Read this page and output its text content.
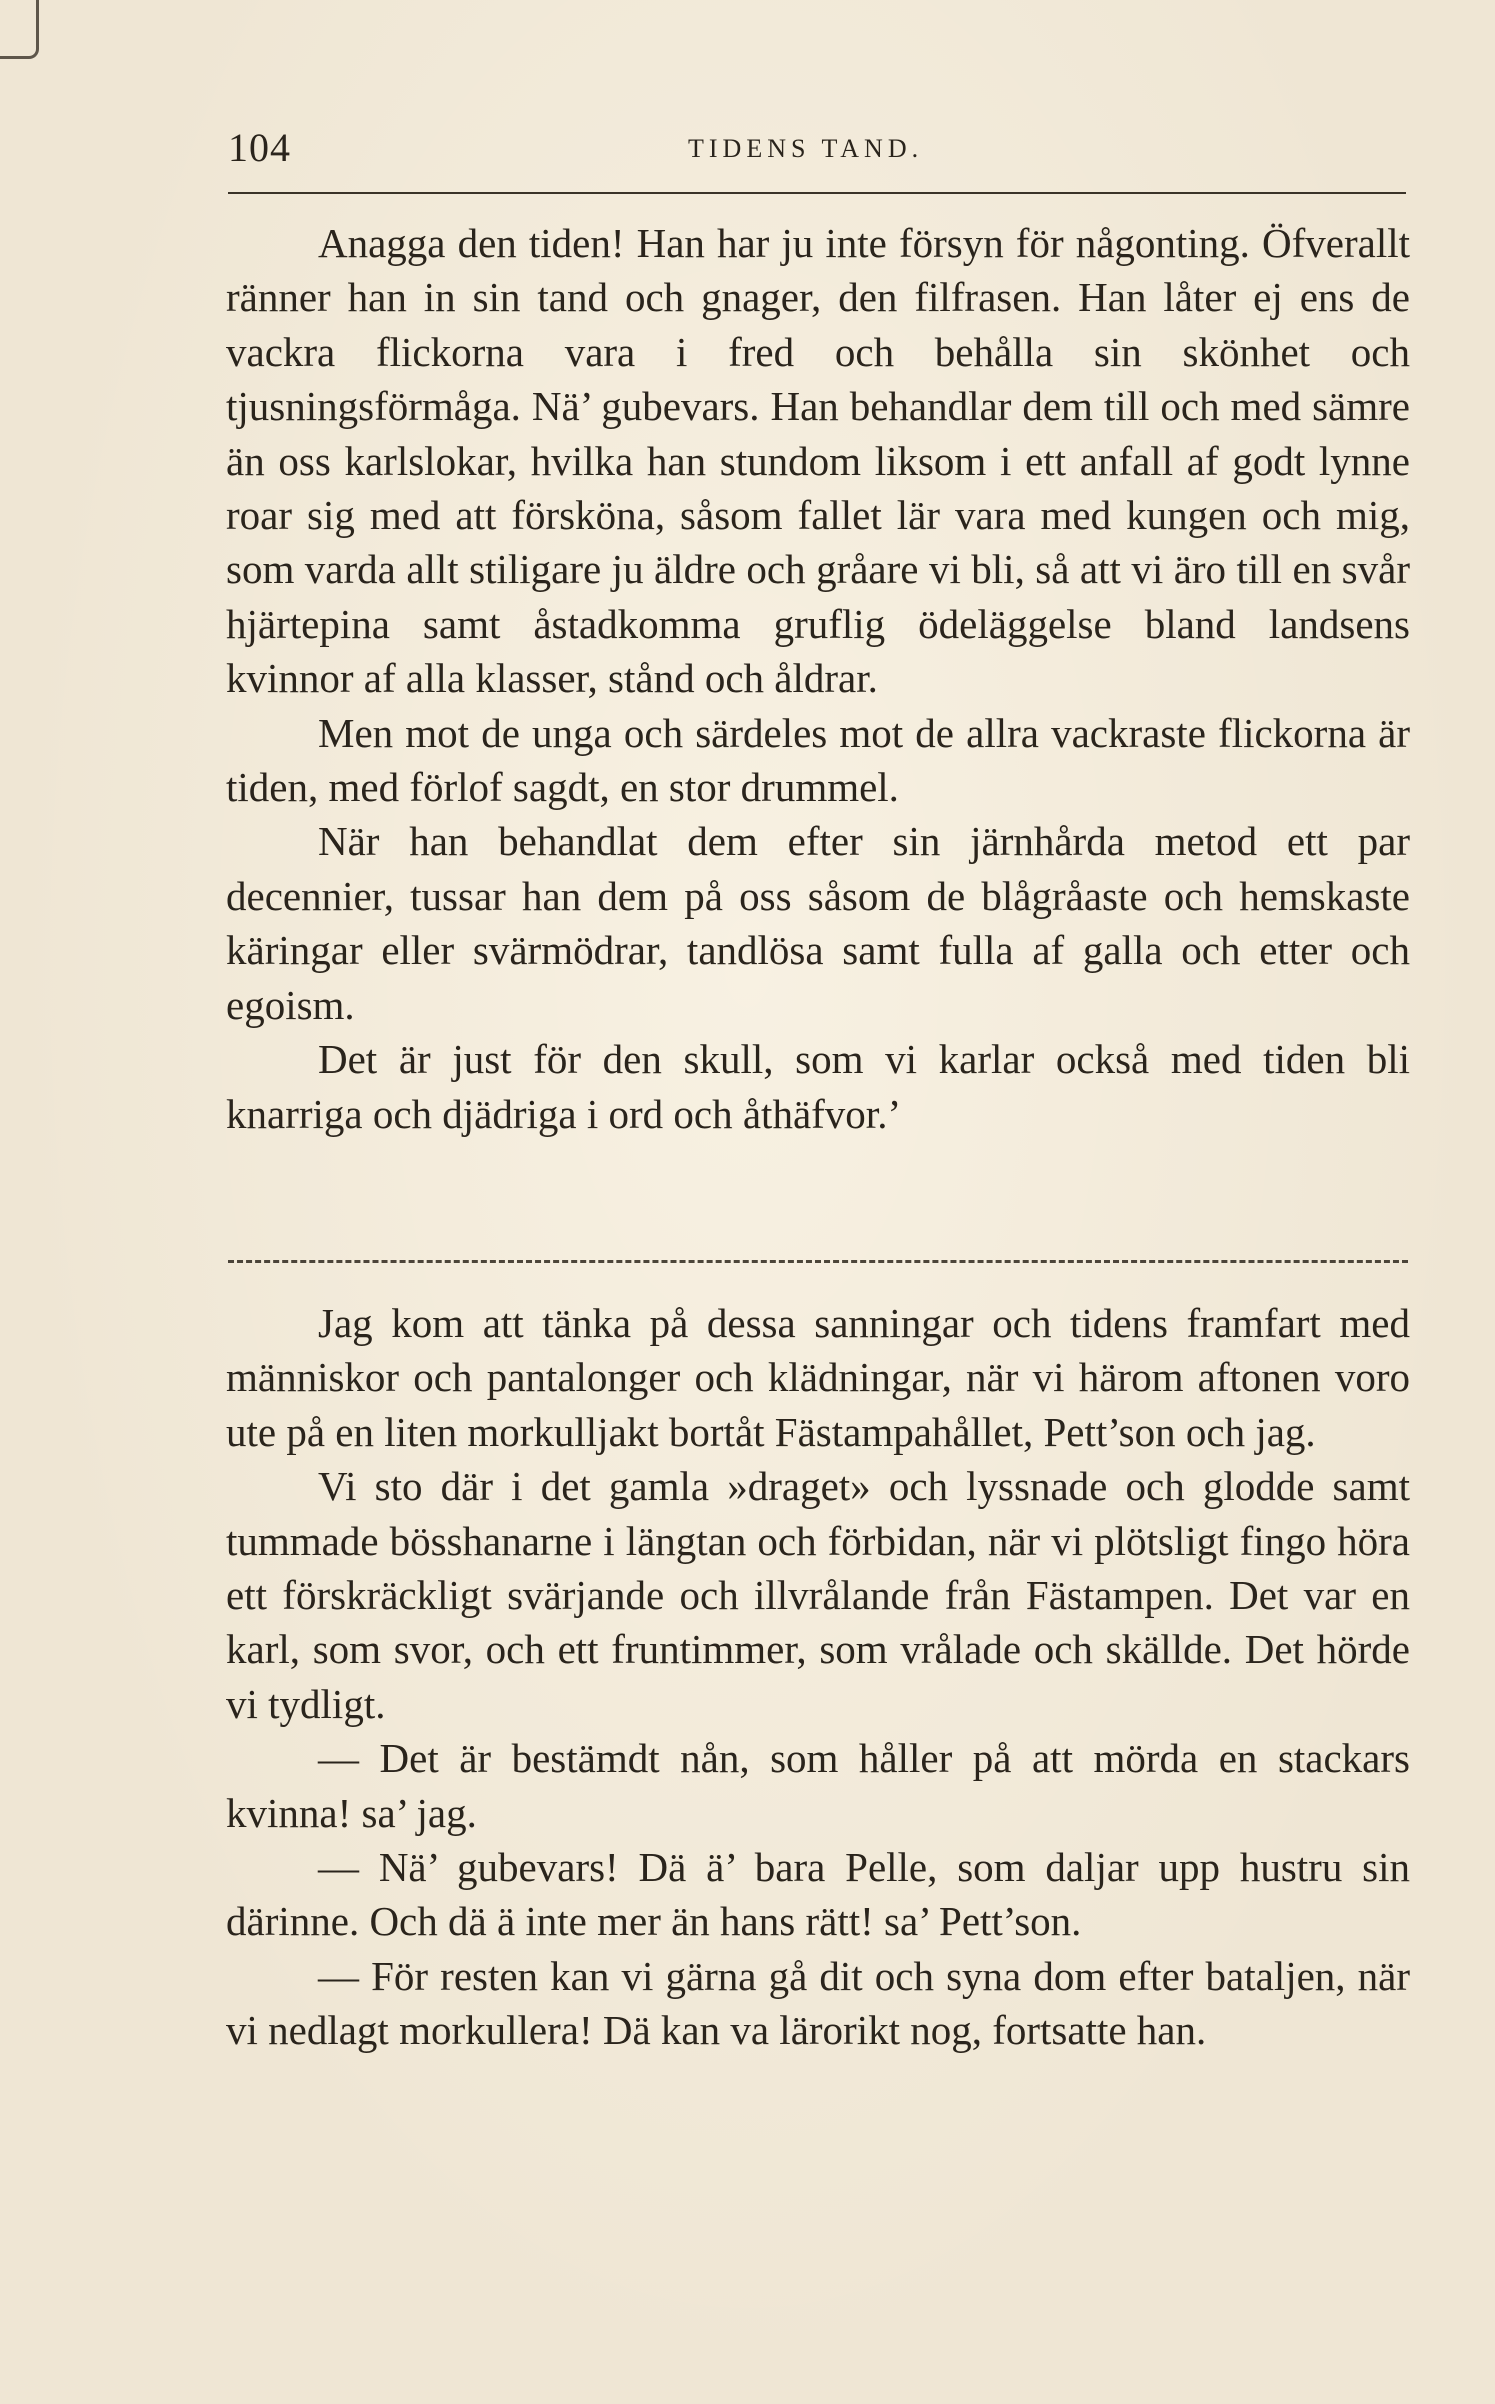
104	TIDENS TAND.

Anagga den tiden! Han har ju inte försyn för någonting. Öfverallt ränner han in sin tand och gnager, den filfrasen. Han låter ej ens de vackra flickorna vara i fred och behålla sin skönhet och tjusningsförmåga. Nä’ gubevars. Han behandlar dem till och med sämre än oss karlslokar, hvilka han stundom liksom i ett anfall af godt lynne roar sig med att försköna, såsom fallet lär vara med kungen och mig, som varda allt stiligare ju äldre och gråare vi bli, så att vi äro till en svår hjärtepina samt åstadkomma gruflig ödeläggelse bland landsens kvinnor af alla klasser, stånd och åldrar.

Men mot de unga och särdeles mot de allra vackraste flickorna är tiden, med förlof sagdt, en stor drummel.

När han behandlat dem efter sin järnhårda metod ett par decennier, tussar han dem på oss såsom de blågråaste och hemskaste käringar eller svärmödrar, tandlösa samt fulla af galla och etter och egoism.

Det är just för den skull, som vi karlar också med tiden bli knarriga och djädriga i ord och åthäfvor.’

Jag kom att tänka på dessa sanningar och tidens framfart med människor och pantalonger och klädningar, när vi härom aftonen voro ute på en liten morkulljakt bortåt Fästampahållet, Pett’son och jag.

Vi sto där i det gamla »draget» och lyssnade och glodde samt tummade bösshanarne i längtan och förbidan, när vi plötsligt fingo höra ett förskräckligt svärjande och illvrålande från Fästampen. Det var en karl, som svor, och ett fruntimmer, som vrålade och skällde. Det hörde vi tydligt.

— Det är bestämdt nån, som håller på att mörda en stackars kvinna! sa’ jag.

— Nä’ gubevars! Dä ä’ bara Pelle, som daljar upp hustru sin därinne. Och dä ä inte mer än hans rätt! sa’ Pett’son.

— För resten kan vi gärna gå dit och syna dom efter bataljen, när vi nedlagt morkullera! Dä kan va lärorikt nog, fortsatte han.
